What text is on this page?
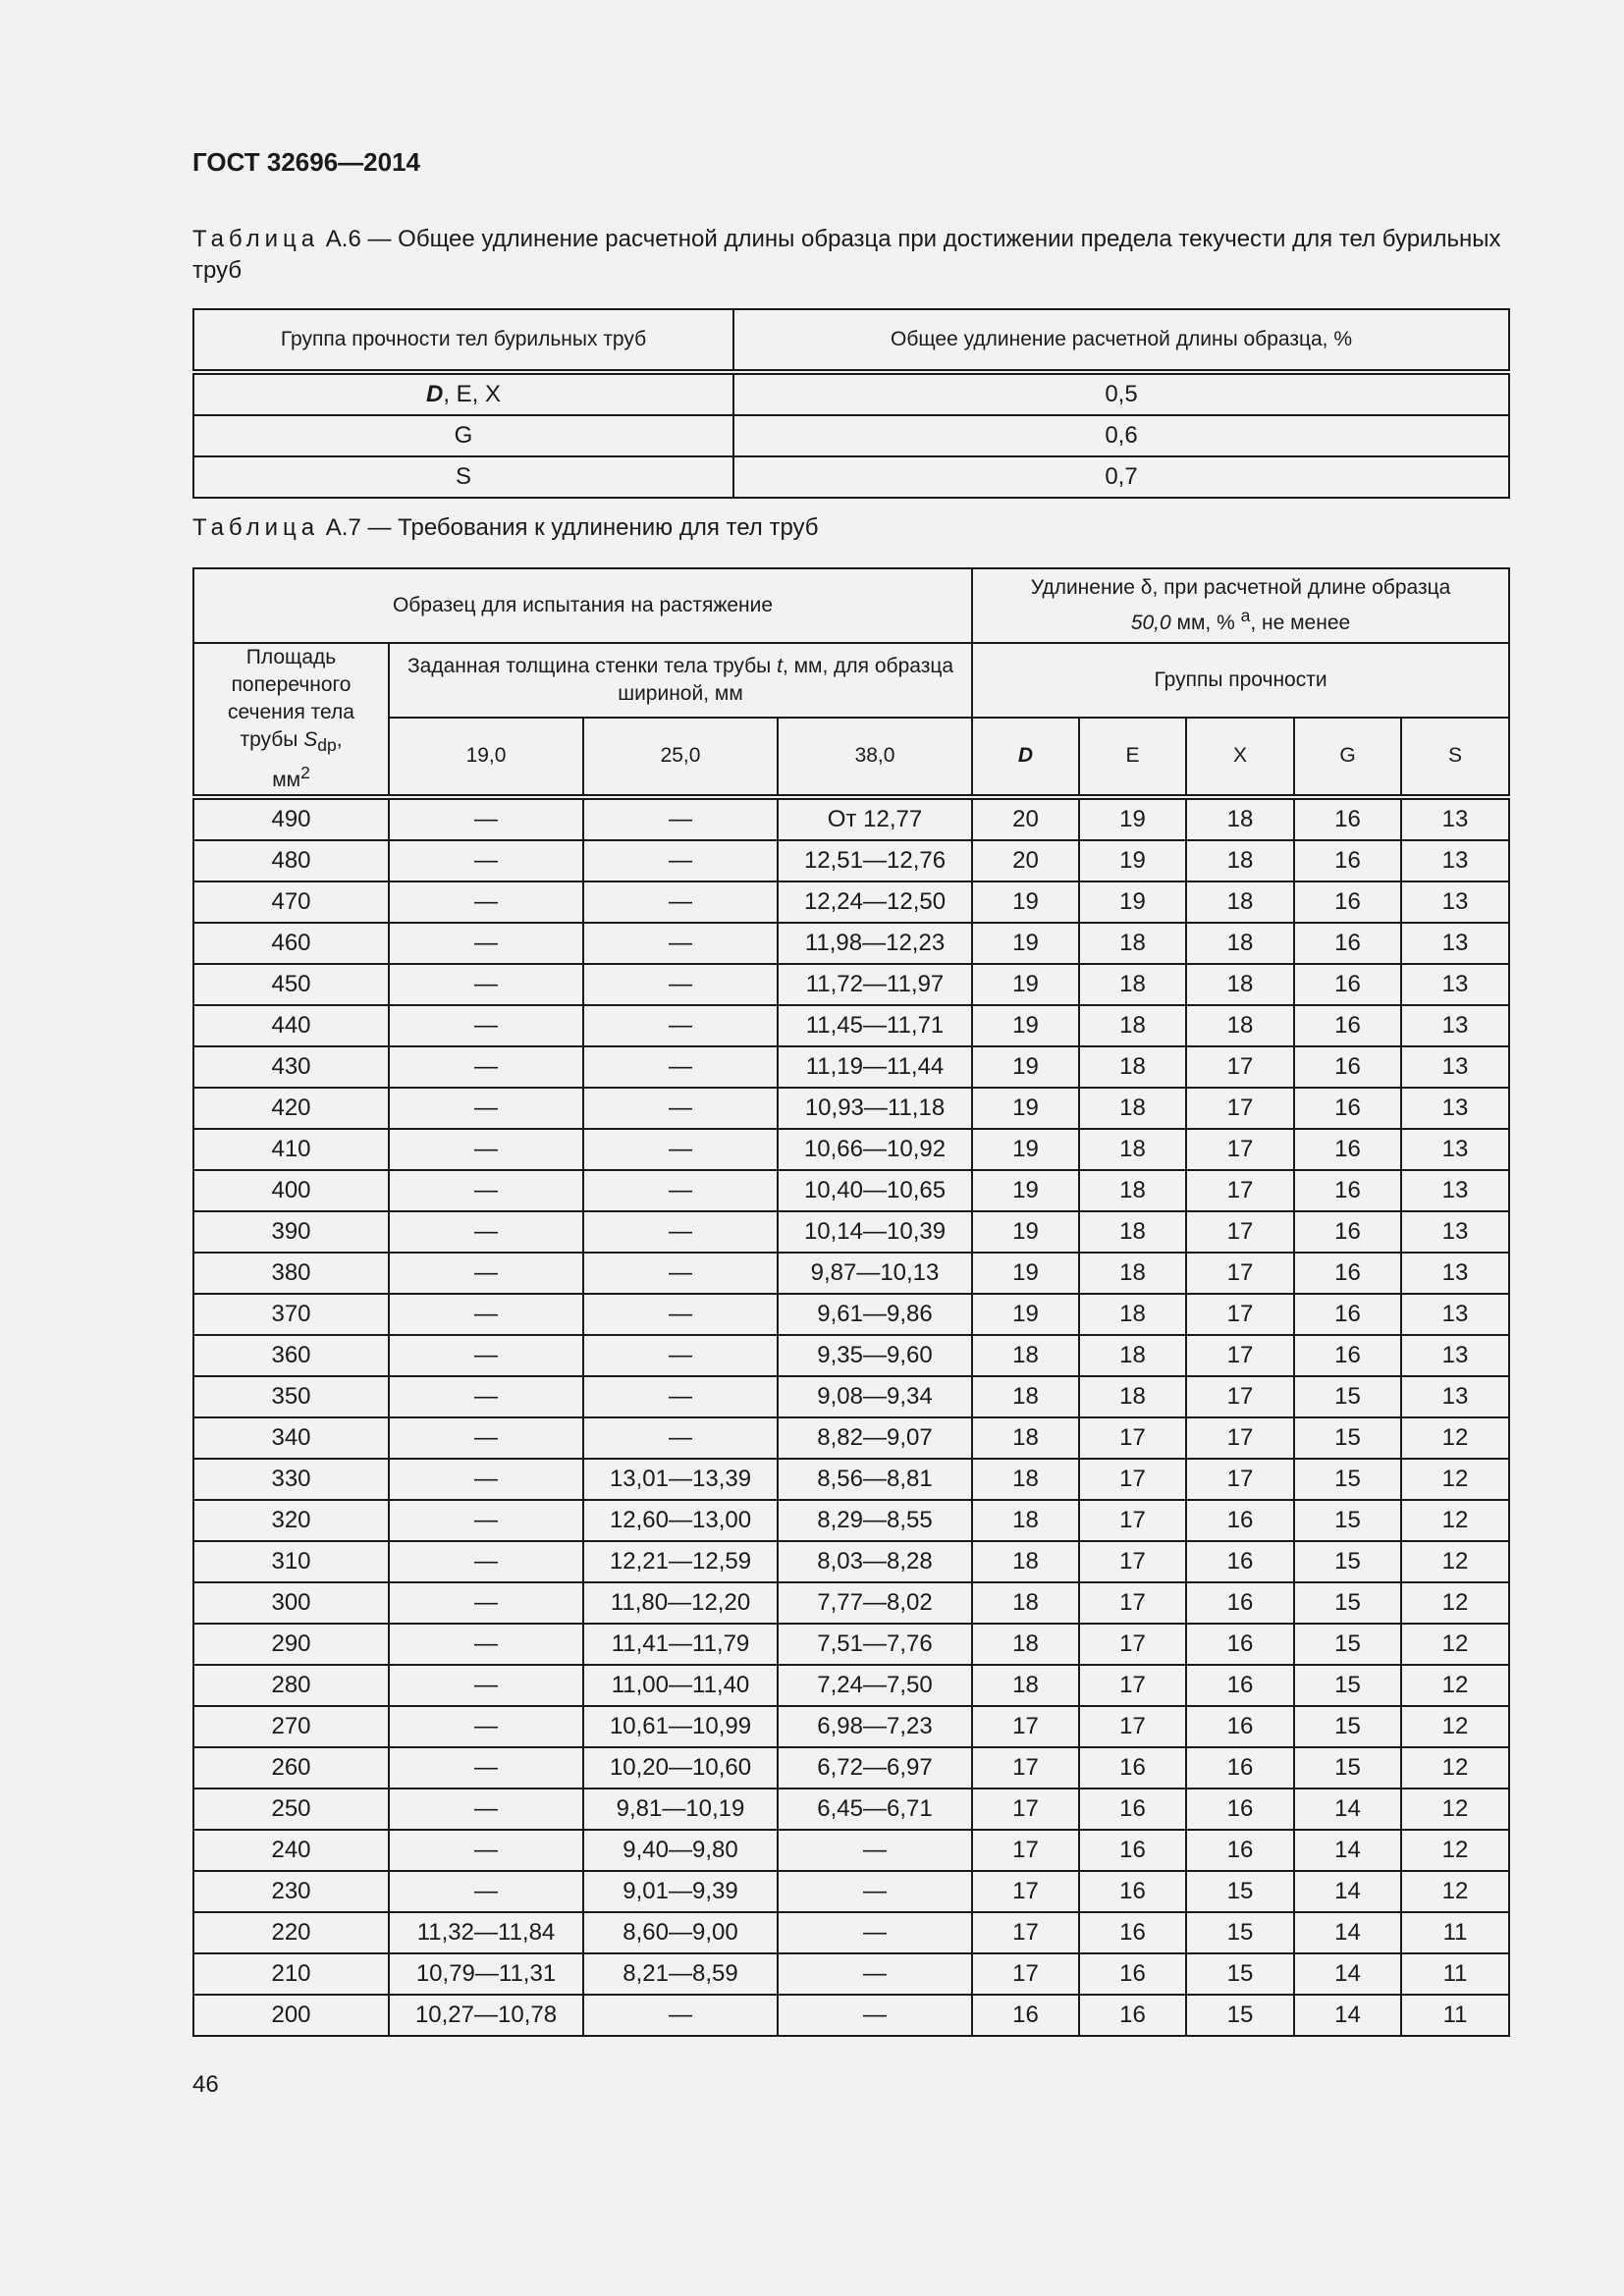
ГОСТ 32696—2014
Таблица А.6 — Общее удлинение расчетной длины образца при достижении предела текучести для тел бурильных труб
Группа прочности тел бурильных труб	Общее удлинение расчетной длины образца, %
D, E, X	0,5
G	0,6
S	0,7
Таблица А.7 — Требования к удлинению для тел труб
Образец для испытания на растяжение				Удлинение δ, при расчетной длине образца
50,0 мм, % $^a$, не менее				
Площадь поперечного сечения тела трубы $S_{dp}$,
$мм^2$	Заданная толщина стенки тела трубы t, мм, для образца шириной, мм			Группы прочности				
	19,0	25,0	38,0	D	E	X	G	S
490	—	—	От 12,77	20	19	18	16	13
480	—	—	12,51—12,76	20	19	18	16	13
470	—	—	12,24—12,50	19	19	18	16	13
460	—	—	11,98—12,23	19	18	18	16	13
450	—	—	11,72—11,97	19	18	18	16	13
440	—	—	11,45—11,71	19	18	18	16	13
430	—	—	11,19—11,44	19	18	17	16	13
420	—	—	10,93—11,18	19	18	17	16	13
410	—	—	10,66—10,92	19	18	17	16	13
400	—	—	10,40—10,65	19	18	17	16	13
390	—	—	10,14—10,39	19	18	17	16	13
380	—	—	9,87—10,13	19	18	17	16	13
370	—	—	9,61—9,86	19	18	17	16	13
360	—	—	9,35—9,60	18	18	17	16	13
350	—	—	9,08—9,34	18	18	17	15	13
340	—	—	8,82—9,07	18	17	17	15	12
330	—	13,01—13,39	8,56—8,81	18	17	17	15	12
320	—	12,60—13,00	8,29—8,55	18	17	16	15	12
310	—	12,21—12,59	8,03—8,28	18	17	16	15	12
300	—	11,80—12,20	7,77—8,02	18	17	16	15	12
290	—	11,41—11,79	7,51—7,76	18	17	16	15	12
280	—	11,00—11,40	7,24—7,50	18	17	16	15	12
270	—	10,61—10,99	6,98—7,23	17	17	16	15	12
260	—	10,20—10,60	6,72—6,97	17	16	16	15	12
250	—	9,81—10,19	6,45—6,71	17	16	16	14	12
240	—	9,40—9,80	—	17	16	16	14	12
230	—	9,01—9,39	—	17	16	15	14	12
220	11,32—11,84	8,60—9,00	—	17	16	15	14	11
210	10,79—11,31	8,21—8,59	—	17	16	15	14	11
200	10,27—10,78	—	—	16	16	15	14	11
46
